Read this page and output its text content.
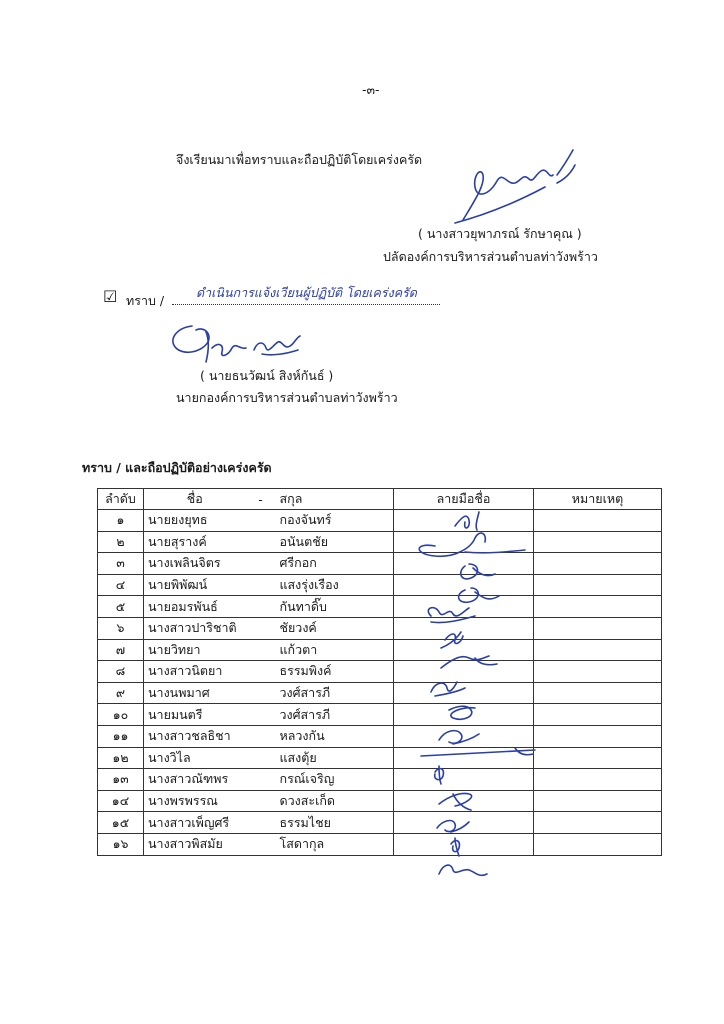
-๓-
จึงเรียนมาเพื่อทราบและถือปฏิบัติโดยเคร่งครัด
( นางสาวยุพาภรณ์ รักษาคุณ )
ปลัดองค์การบริหารส่วนตำบลท่าวังพร้าว
☑ ทราบ /
ดำเนินการแจ้งเวียนผู้ปฏิบัติ โดยเคร่งครัด
( นายธนวัฒน์ สิงห์กันธ์ )
นายกองค์การบริหารส่วนตำบลท่าวังพร้าว
ทราบ / และถือปฏิบัติอย่างเคร่งครัด
ลำดับ	ชื่อ	-	สกุล	ลายมือชื่อ	หมายเหตุ
๑	นายยงยุทธ		กองจันทร์		
๒	นายสุรางค์		อนันตชัย		
๓	นางเพลินจิตร		ศรีกอก		
๔	นายพิพัฒน์		แสงรุ่งเรือง		
๕	นายอมรพันธ์		กันทาดิ๊บ		
๖	นางสาวปาริชาติ		ชัยวงค์		
๗	นายวิทยา		แก้วตา		
๘	นางสาวนิตยา		ธรรมพิงค์		
๙	นางนพมาศ		วงศ์สารภี		
๑๐	นายมนตรี		วงศ์สารภี		
๑๑	นางสาวชลธิชา		หลวงกัน		
๑๒	นางวิไล		แสงตุ้ย		
๑๓	นางสาวณัฑพร		กรณ์เจริญ		
๑๔	นางพรพรรณ		ดวงสะเก็ด		
๑๕	นางสาวเพ็ญศรี		ธรรมไชย		
๑๖	นางสาวพิสมัย		โสดากุล		
